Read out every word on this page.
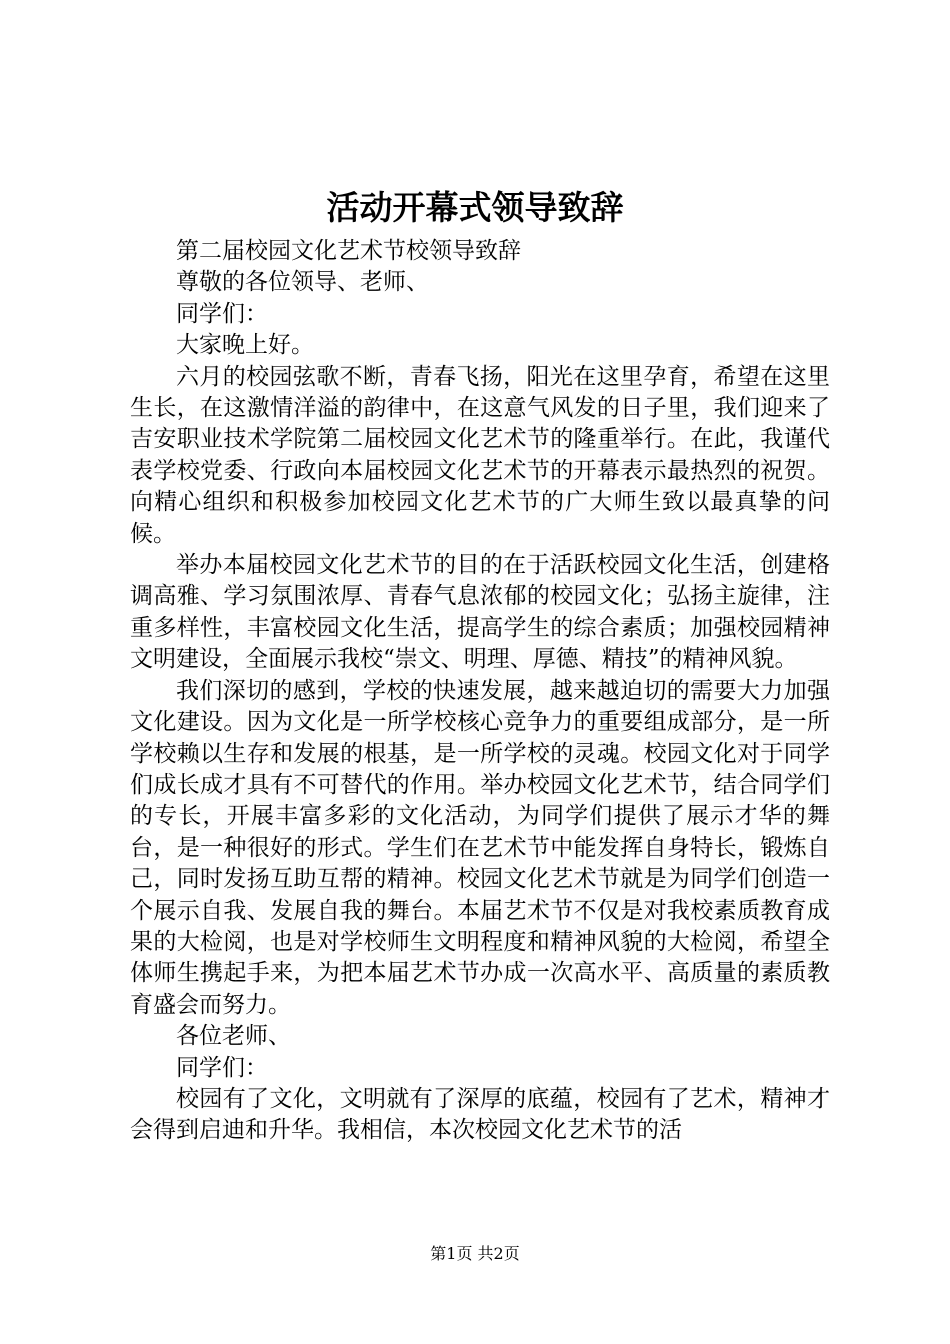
活动开幕式领导致辞

第二届校园文化艺术节校领导致辞

尊敬的各位领导、老师、

同学们：

大家晚上好。

六月的校园弦歌不断，青春飞扬，阳光在这里孕育，希望在这里生长，在这激情洋溢的韵律中，在这意气风发的日子里，我们迎来了吉安职业技术学院第二届校园文化艺术节的隆重举行。在此，我谨代表学校党委、行政向本届校园文化艺术节的开幕表示最热烈的祝贺。向精心组织和积极参加校园文化艺术节的广大师生致以最真挚的问候。

举办本届校园文化艺术节的目的在于活跃校园文化生活，创建格调高雅、学习氛围浓厚、青春气息浓郁的校园文化；弘扬主旋律，注重多样性，丰富校园文化生活，提高学生的综合素质；加强校园精神文明建设，全面展示我校“崇文、明理、厚德、精技”的精神风貌。

我们深切的感到，学校的快速发展，越来越迫切的需要大力加强文化建设。因为文化是一所学校核心竞争力的重要组成部分，是一所学校赖以生存和发展的根基，是一所学校的灵魂。校园文化对于同学们成长成才具有不可替代的作用。举办校园文化艺术节，结合同学们的专长，开展丰富多彩的文化活动，为同学们提供了展示才华的舞台，是一种很好的形式。学生们在艺术节中能发挥自身特长，锻炼自己，同时发扬互助互帮的精神。校园文化艺术节就是为同学们创造一个展示自我、发展自我的舞台。本届艺术节不仅是对我校素质教育成果的大检阅，也是对学校师生文明程度和精神风貌的大检阅，希望全体师生携起手来，为把本届艺术节办成一次高水平、高质量的素质教育盛会而努力。

各位老师、

同学们：

校园有了文化，文明就有了深厚的底蕴，校园有了艺术，精神才会得到启迪和升华。我相信，本次校园文化艺术节的活

第1页 共2页
